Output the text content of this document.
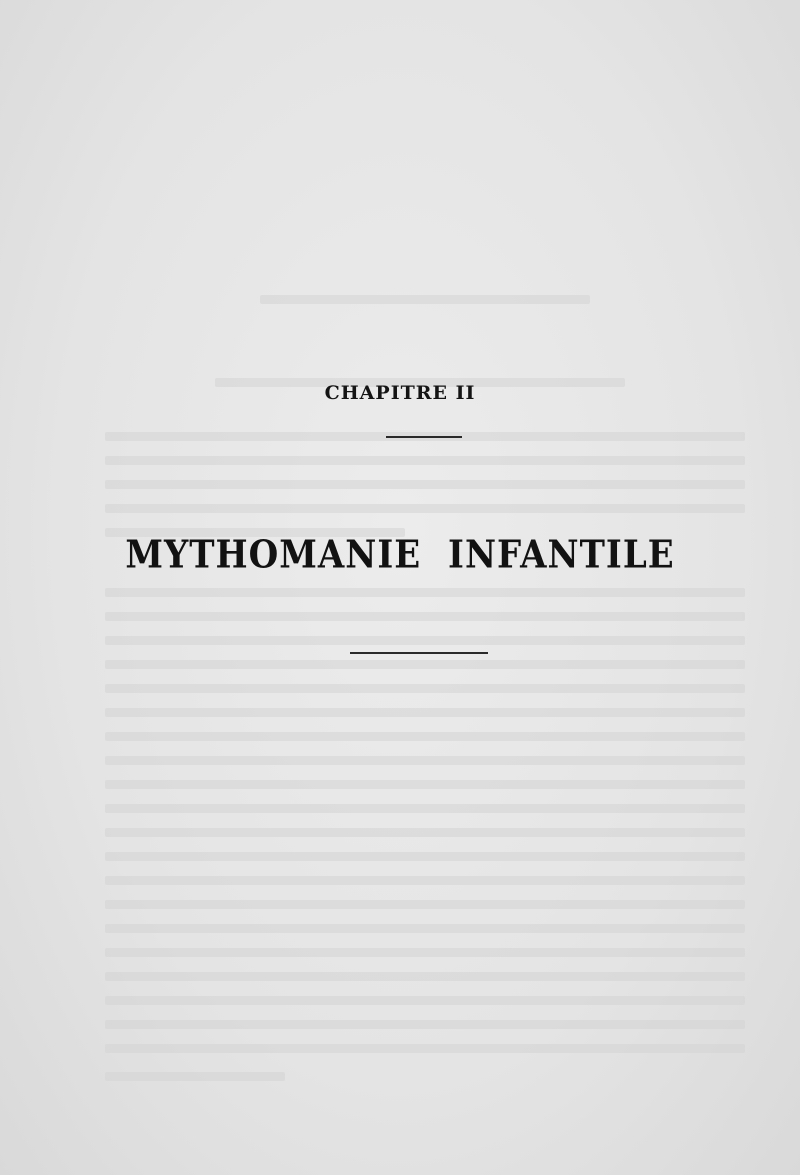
CHAPITRE II
MYTHOMANIE INFANTILE
